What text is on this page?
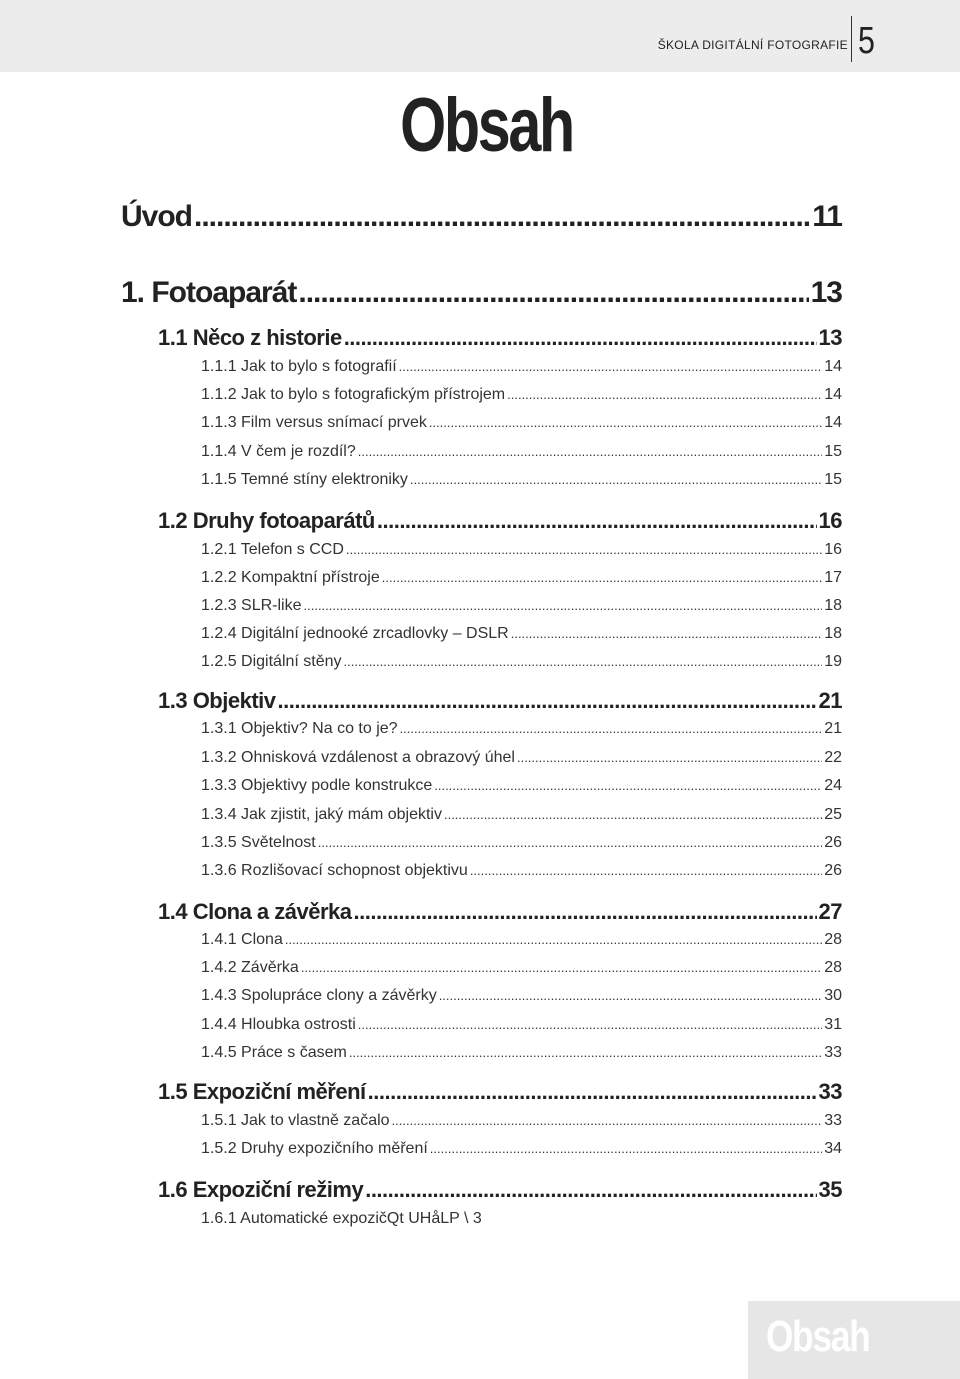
ŠKOLA DIGITÁLNÍ FOTOGRAFIE 5
Obsah
Úvod .....	11
1. Fotoaparát .....	13
1.1 Něco z historie .....	13
1.1.1 Jak to bylo s fotografií .....	14
1.1.2 Jak to bylo s fotografickým přístrojem .....	14
1.1.3 Film versus snímací prvek .....	14
1.1.4 V čem je rozdíl? .....	15
1.1.5 Temné stíny elektroniky .....	15
1.2 Druhy fotoaparátů .....	16
1.2.1 Telefon s CCD .....	16
1.2.2 Kompaktní přístroje .....	17
1.2.3 SLR-like .....	18
1.2.4 Digitální jednooké zrcadlovky – DSLR .....	18
1.2.5 Digitální stěny .....	19
1.3 Objektiv .....	21
1.3.1 Objektiv? Na co to je? .....	21
1.3.2 Ohnisková vzdálenost a obrazový úhel .....	22
1.3.3 Objektivy podle konstrukce .....	24
1.3.4 Jak zjistit, jaký mám objektiv .....	25
1.3.5 Světelnost .....	26
1.3.6 Rozlišovací schopnost objektivu .....	26
1.4 Clona a závěrka .....	27
1.4.1 Clona .....	28
1.4.2 Závěrka .....	28
1.4.3 Spolupráce clony a závěrky .....	30
1.4.4 Hloubka ostrosti .....	31
1.4.5 Práce s časem .....	33
1.5 Expoziční měření .....	33
1.5.1 Jak to vlastně začalo .....	33
1.5.2 Druhy expozičního měření .....	34
1.6 Expoziční režimy .....	35
1.6.1 Automatické expozičQt UHåLP \ 3
Obsah
